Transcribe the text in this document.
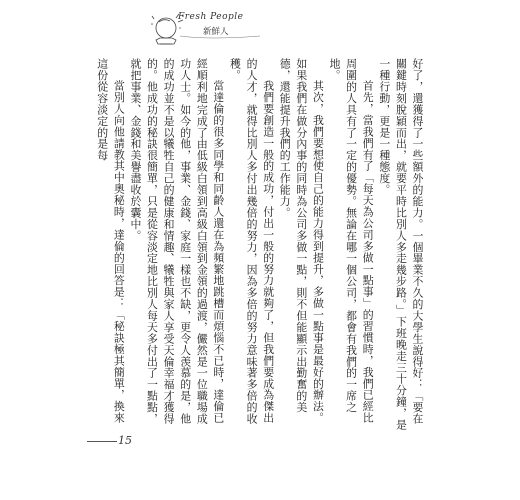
Fresh People
新鮮人

好了，還獲得了一些額外的能力。一個畢業不久的大學生說得好：「要在關鍵時刻脫穎而出，就要平時比別人多走幾步路。」下班晚走三十分鐘，是一種行動，更是一種態度。

首先，當我們有了「每天為公司多做一點事」的習慣時，我們已經比周圍的人具有了一定的優勢。無論在哪一個公司，都會有我們的一席之地。

其次，我們要想使自己的能力得到提升，多做一點事是最好的辦法。如果我們在做分內事的同時為公司多做一點，則不但能顯示出勤奮的美德，還能提升我們的工作能力。

我們要創造一般的成功，付出一般的努力就夠了，但我們要成為傑出的人才，就得比別人多付出幾倍的努力，因為多倍的努力意味著多倍的收穫。

當達倫的很多同學和同齡人還在為頻繁地跳槽而煩惱不已時，達倫已經順利地完成了由低級白領到高級白領到金領的過渡，儼然是一位職場成功人士。如今的他，事業、金錢、家庭一樣也不缺，更令人羡慕的是，他的成功並不是以犧牲自己的健康和情趣、犧牲與家人享受天倫幸福才獲得的。他成功的秘訣很簡單，只是從容淡定地比別人每天多付出了一點點，就把事業、金錢和美譽盡收於囊中。

當別人向他請教其中奧秘時，達倫的回答是：「秘訣極其簡單，換來這份從容淡定的是每

15
